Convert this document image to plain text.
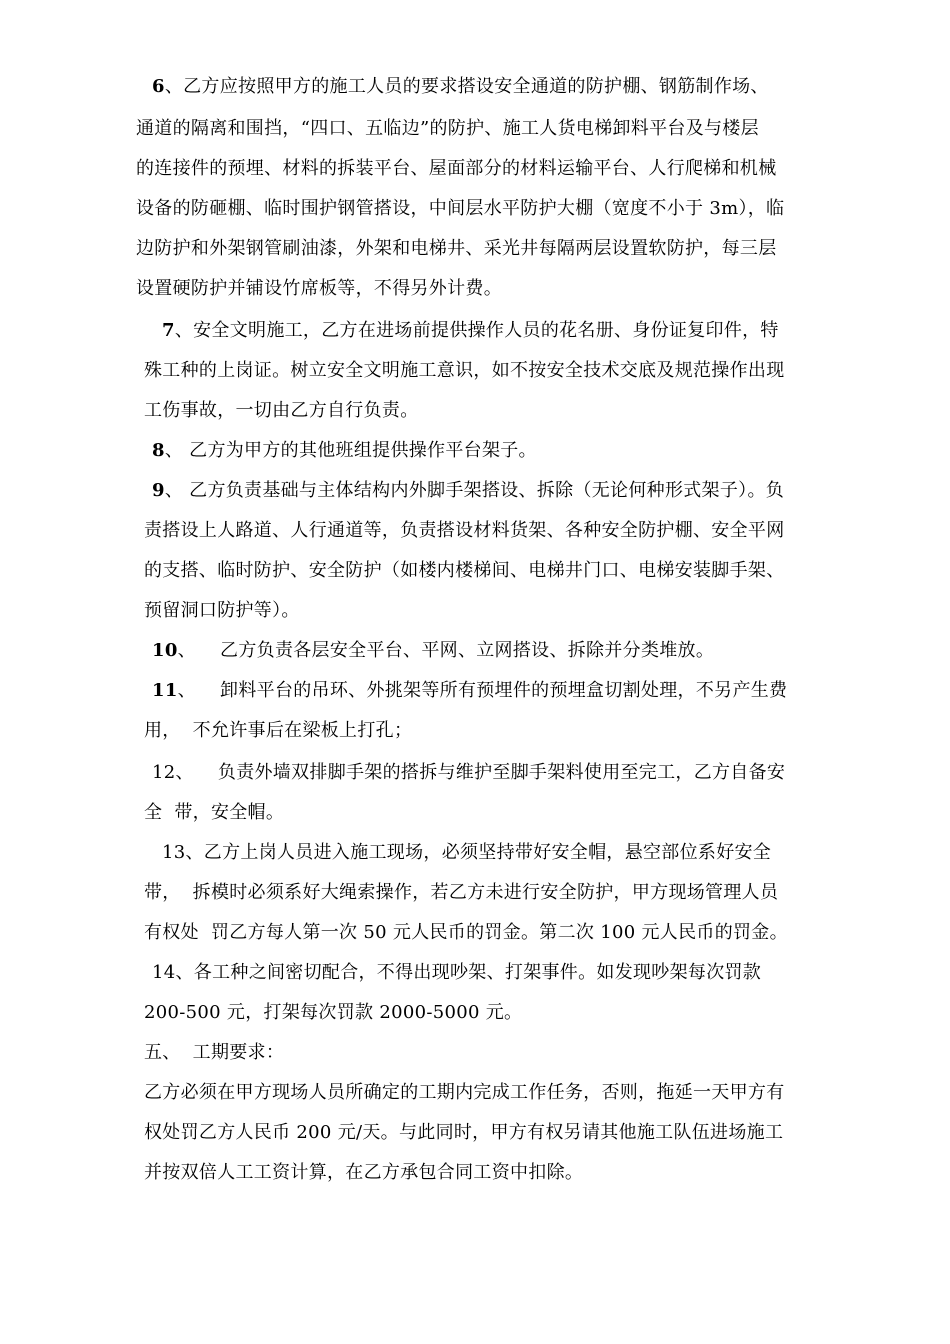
6、乙方应按照甲方的施工人员的要求搭设安全通道的防护棚、钢筋制作场、
通道的隔离和围挡，“四口、五临边”的防护、施工人货电梯卸料平台及与楼层
的连接件的预埋、材料的拆装平台、屋面部分的材料运输平台、人行爬梯和机械
设备的防砸棚、临时围护钢管搭设，中间层水平防护大棚（宽度不小于 3m），临
边防护和外架钢管刷油漆，外架和电梯井、采光井每隔两层设置软防护，每三层
设置硬防护并铺设竹席板等，不得另外计费。
7、安全文明施工，乙方在进场前提供操作人员的花名册、身份证复印件，特
殊工种的上岗证。树立安全文明施工意识，如不按安全技术交底及规范操作出现
工伤事故，一切由乙方自行负责。
8、 乙方为甲方的其他班组提供操作平台架子。
9、 乙方负责基础与主体结构内外脚手架搭设、拆除（无论何种形式架子）。负
责搭设上人路道、人行通道等，负责搭设材料货架、各种安全防护棚、安全平网
的支搭、临时防护、安全防护（如楼内楼梯间、电梯井门口、电梯安装脚手架、
预留洞口防护等）。
10、    乙方负责各层安全平台、平网、立网搭设、拆除并分类堆放。
11、    卸料平台的吊环、外挑架等所有预埋件的预埋盒切割处理，不另产生费
用，  不允许事后在梁板上打孔；
12、    负责外墙双排脚手架的搭拆与维护至脚手架料使用至完工，乙方自备安
全  带，安全帽。
13、乙方上岗人员进入施工现场，必须坚持带好安全帽，悬空部位系好安全
带，  拆模时必须系好大绳索操作，若乙方未进行安全防护，甲方现场管理人员
有权处  罚乙方每人第一次 50 元人民币的罚金。第二次 100 元人民币的罚金。
14、各工种之间密切配合，不得出现吵架、打架事件。如发现吵架每次罚款
200-500 元，打架每次罚款 2000-5000 元。
五、  工期要求：
乙方必须在甲方现场人员所确定的工期内完成工作任务，否则，拖延一天甲方有
权处罚乙方人民币 200 元/天。与此同时，甲方有权另请其他施工队伍进场施工
并按双倍人工工资计算，在乙方承包合同工资中扣除。
